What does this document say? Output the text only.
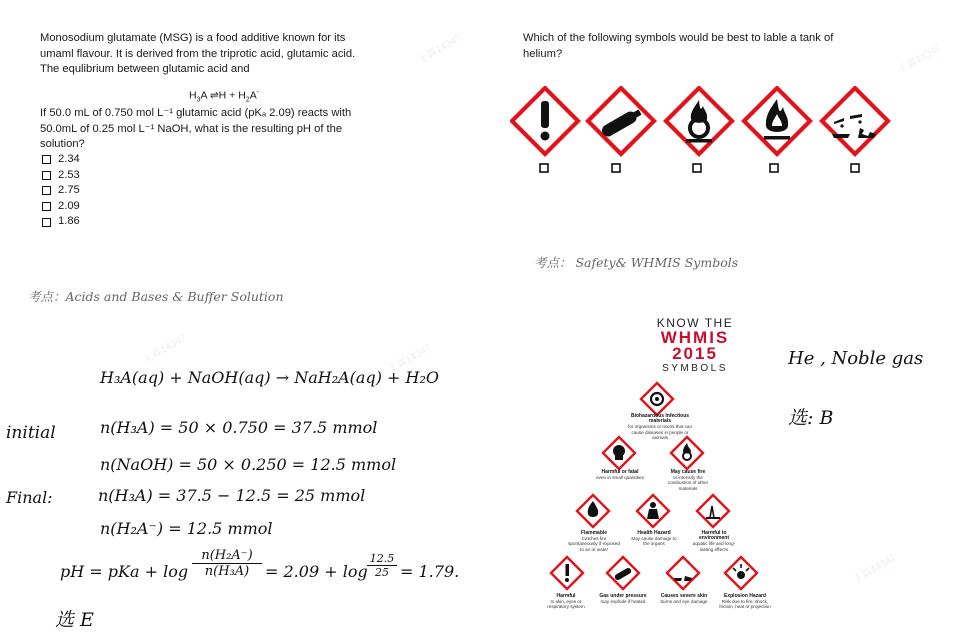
王霖14347
王霖14347
王霖14347
王霖14347
王霖14347
Monosodium glutamate (MSG) is a food additive known for its
umaml flavour. It is derived from the triprotic acid, glutamic acid.
The equlibrium between glutamic acid and
$H_3A$ ⇌H + $H_2A^-$
If 50.0 mL of 0.750 mol L⁻¹ glutamic acid (pKₐ 2.09) reacts with
50.0mL of 0.25 mol L⁻¹ NaOH, what is the resulting pH of the
solution?
2.34
2.53
2.75
2.09
1.86
考点：Acids and Bases & Buffer Solution
H₃A(aq) + NaOH(aq) → NaH₂A(aq) + H₂O
initial	n(H₃A) = 50 × 0.750 = 37.5 mmol
n(NaOH) = 50 × 0.250 = 12.5 mmol
Final:	n(H₃A) = 37.5 − 12.5 = 25 mmol
n(H₂A⁻) = 12.5 mmol
pH = pKa + log
n(H₂A⁻)
n(H₃A) = 2.09 + log
12.5
25 = 1.79.
选 E
Which of the following symbols would be best to lable a tank of
helium?
考点： Safety& WHMIS Symbols
KNOW THE
WHMIS
2015
SYMBOLS
Biohazardous Infectious materials
for organisms or toxins that can cause diseases in people or animals
Harmful or fatal
even in small quantities
May cause fire
or intensify the combustion of other materials
Flammable
Catches fire spontaneously if exposed to air or water
Health Hazard
May cause damage to the organs
Harmful to environment
aquatic life and long-lasting effects
Harmful
to skin, eyes or respiratory system
Gas under pressure
may explode if heated
Causes severe skin
burns and eye damage
Explosion Hazard
Risk due to fire, shock, friction, heat or projection
He , Noble gas
选: B
